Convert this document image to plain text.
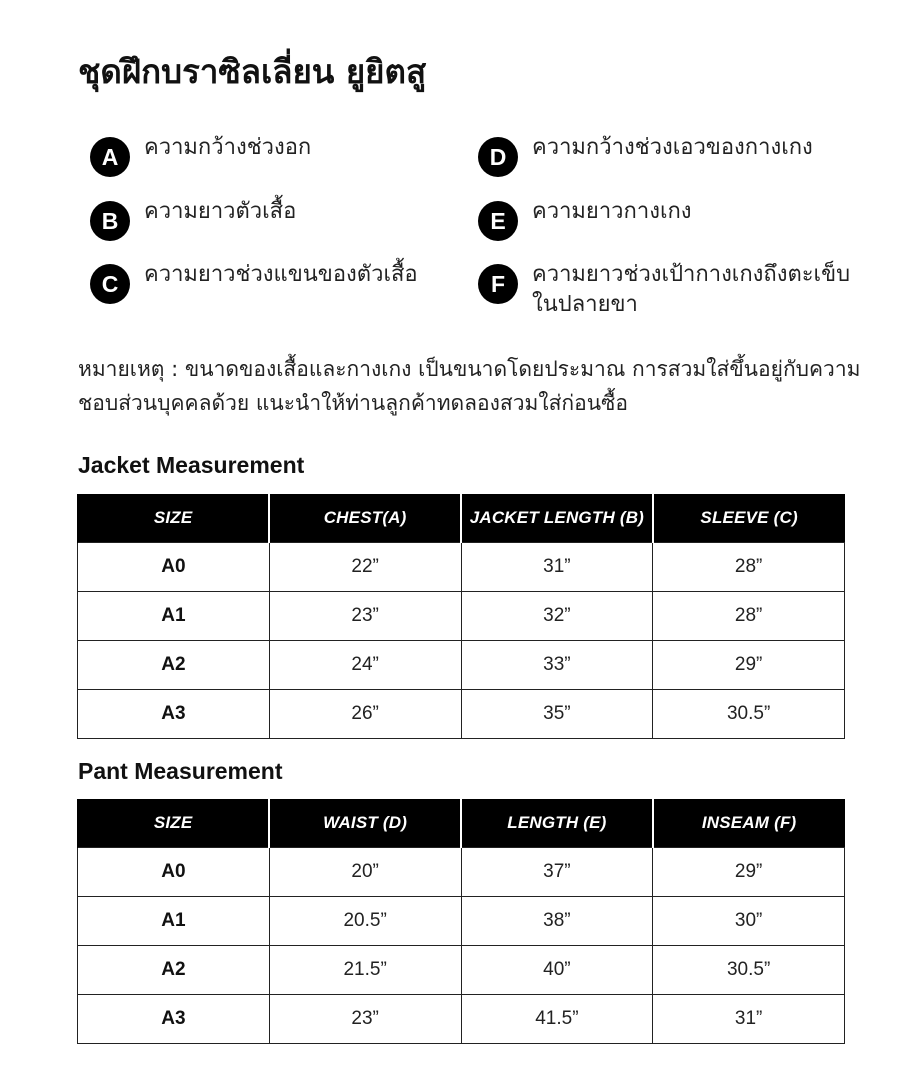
ชุดฝึกบราซิลเลี่ยน ยูยิตสู
A	ความกว้างช่วงอก
B	ความยาวตัวเสื้อ
C	ความยาวช่วงแขนของตัวเสื้อ
D	ความกว้างช่วงเอวของกางเกง
E	ความยาวกางเกง
F	ความยาวช่วงเป้ากางเกงถึงตะเข็บในปลายขา

หมายเหตุ : ขนาดของเสื้อและกางเกง เป็นขนาดโดยประมาณ การสวมใส่ขึ้นอยู่กับความชอบส่วนบุคคลด้วย แนะนำให้ท่านลูกค้าทดลองสวมใส่ก่อนซื้อ

Jacket Measurement
SIZE	CHEST(A)	JACKET LENGTH (B)	SLEEVE (C)
A0	22”	31”	28”
A1	23”	32”	28”
A2	24”	33”	29”
A3	26”	35”	30.5”
Pant Measurement
SIZE	WAIST (D)	LENGTH (E)	INSEAM (F)
A0	20”	37”	29”
A1	20.5”	38”	30”
A2	21.5”	40”	30.5”
A3	23”	41.5”	31”
